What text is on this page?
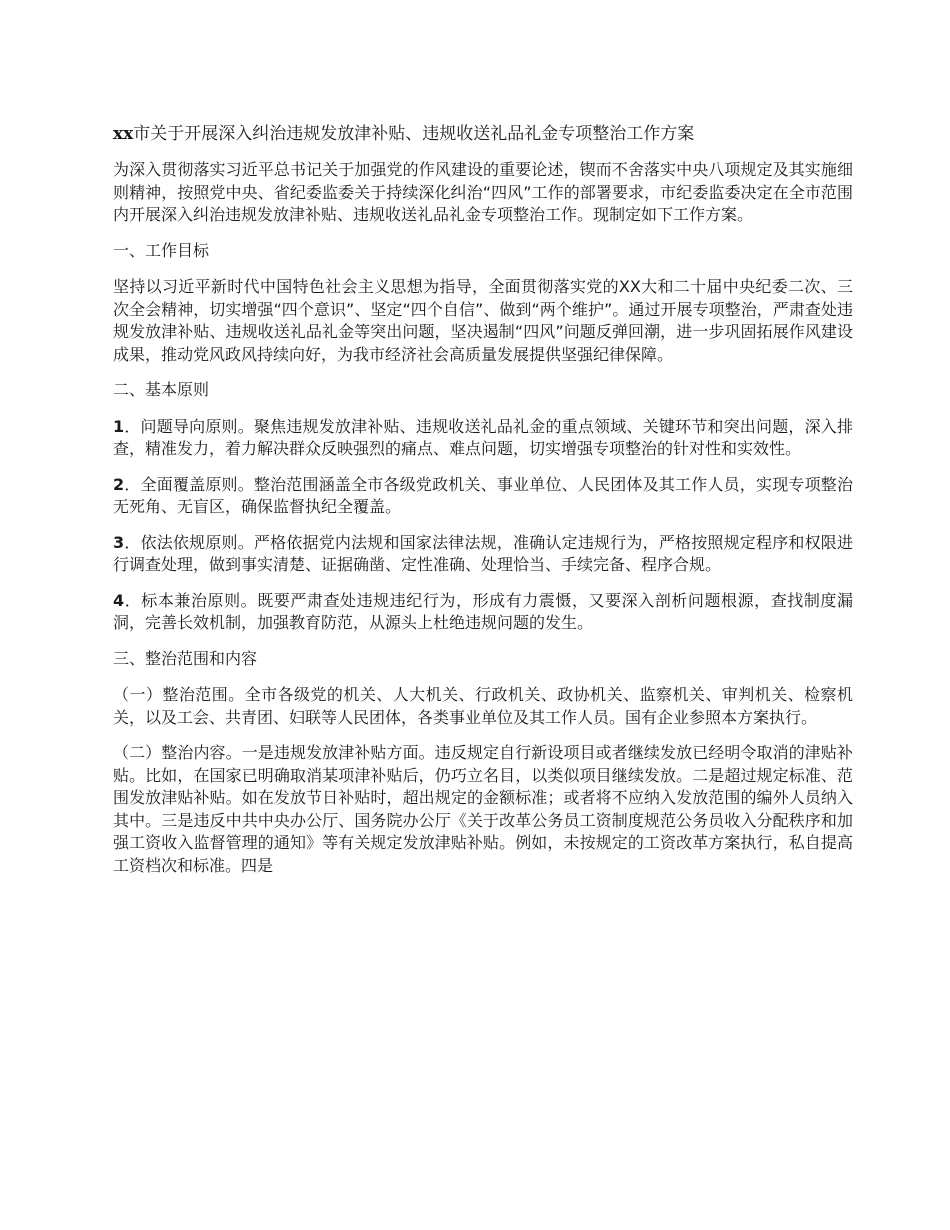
xx市关于开展深入纠治违规发放津补贴、违规收送礼品礼金专项整治工作方案

为深入贯彻落实习近平总书记关于加强党的作风建设的重要论述，锲而不舍落实中央八项规定及其实施细则精神，按照党中央、省纪委监委关于持续深化纠治“四风”工作的部署要求，市纪委监委决定在全市范围内开展深入纠治违规发放津补贴、违规收送礼品礼金专项整治工作。现制定如下工作方案。

一、工作目标

坚持以习近平新时代中国特色社会主义思想为指导，全面贯彻落实党的XX大和二十届中央纪委二次、三次全会精神，切实增强“四个意识”、坚定“四个自信”、做到“两个维护”。通过开展专项整治，严肃查处违规发放津补贴、违规收送礼品礼金等突出问题，坚决遏制“四风”问题反弹回潮，进一步巩固拓展作风建设成果，推动党风政风持续向好，为我市经济社会高质量发展提供坚强纪律保障。

二、基本原则

1．问题导向原则。聚焦违规发放津补贴、违规收送礼品礼金的重点领域、关键环节和突出问题，深入排查，精准发力，着力解决群众反映强烈的痛点、难点问题，切实增强专项整治的针对性和实效性。

2．全面覆盖原则。整治范围涵盖全市各级党政机关、事业单位、人民团体及其工作人员，实现专项整治无死角、无盲区，确保监督执纪全覆盖。

3．依法依规原则。严格依据党内法规和国家法律法规，准确认定违规行为，严格按照规定程序和权限进行调查处理，做到事实清楚、证据确凿、定性准确、处理恰当、手续完备、程序合规。

4．标本兼治原则。既要严肃查处违规违纪行为，形成有力震慑，又要深入剖析问题根源，查找制度漏洞，完善长效机制，加强教育防范，从源头上杜绝违规问题的发生。

三、整治范围和内容

（一）整治范围。全市各级党的机关、人大机关、行政机关、政协机关、监察机关、审判机关、检察机关，以及工会、共青团、妇联等人民团体，各类事业单位及其工作人员。国有企业参照本方案执行。

（二）整治内容。一是违规发放津补贴方面。违反规定自行新设项目或者继续发放已经明令取消的津贴补贴。比如，在国家已明确取消某项津补贴后，仍巧立名目，以类似项目继续发放。二是超过规定标准、范围发放津贴补贴。如在发放节日补贴时，超出规定的金额标准；或者将不应纳入发放范围的编外人员纳入其中。三是违反中共中央办公厅、国务院办公厅《关于改革公务员工资制度规范公务员收入分配秩序和加强工资收入监督管理的通知》等有关规定发放津贴补贴。例如，未按规定的工资改革方案执行，私自提高工资档次和标准。四是
